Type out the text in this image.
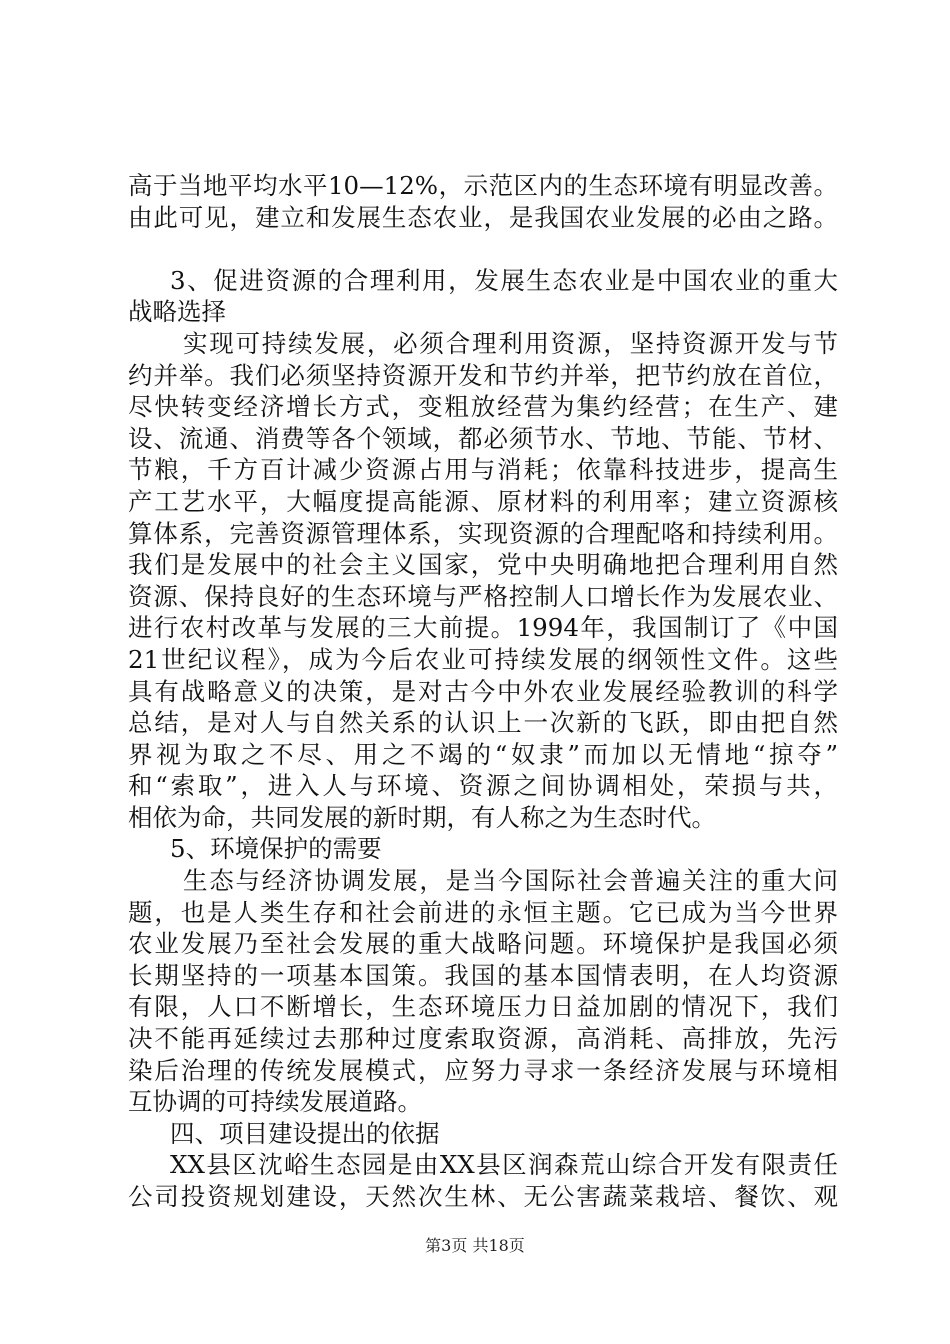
高于当地平均水平10—12%，示范区内的生态环境有明显改善。
由此可见，建立和发展生态农业，是我国农业发展的必由之路。
3、促进资源的合理利用，发展生态农业是中国农业的重大
战略选择
实现可持续发展，必须合理利用资源，坚持资源开发与节
约并举。我们必须坚持资源开发和节约并举，把节约放在首位，
尽快转变经济增长方式，变粗放经营为集约经营；在生产、建
设、流通、消费等各个领域，都必须节水、节地、节能、节材、
节粮，千方百计减少资源占用与消耗；依靠科技进步，提高生
产工艺水平，大幅度提高能源、原材料的利用率；建立资源核
算体系，完善资源管理体系，实现资源的合理配咯和持续利用。
我们是发展中的社会主义国家，党中央明确地把合理利用自然
资源、保持良好的生态环境与严格控制人口增长作为发展农业、
进行农村改革与发展的三大前提。1994年，我国制订了《中国
21世纪议程》，成为今后农业可持续发展的纲领性文件。这些
具有战略意义的决策，是对古今中外农业发展经验教训的科学
总结，是对人与自然关系的认识上一次新的飞跃，即由把自然
界视为取之不尽、用之不竭的“奴隶”而加以无情地“掠夺”
和“索取”，进入人与环境、资源之间协调相处，荣损与共，
相依为命，共同发展的新时期，有人称之为生态时代。
5、环境保护的需要
生态与经济协调发展，是当今国际社会普遍关注的重大问
题，也是人类生存和社会前进的永恒主题。它已成为当今世界
农业发展乃至社会发展的重大战略问题。环境保护是我国必须
长期坚持的一项基本国策。我国的基本国情表明，在人均资源
有限，人口不断增长，生态环境压力日益加剧的情况下，我们
决不能再延续过去那种过度索取资源，高消耗、高排放，先污
染后治理的传统发展模式，应努力寻求一条经济发展与环境相
互协调的可持续发展道路。
四、项目建设提出的依据
XX县区沈峪生态园是由XX县区润森荒山综合开发有限责任
公司投资规划建设，天然次生林、无公害蔬菜栽培、餐饮、观
第3页 共18页
